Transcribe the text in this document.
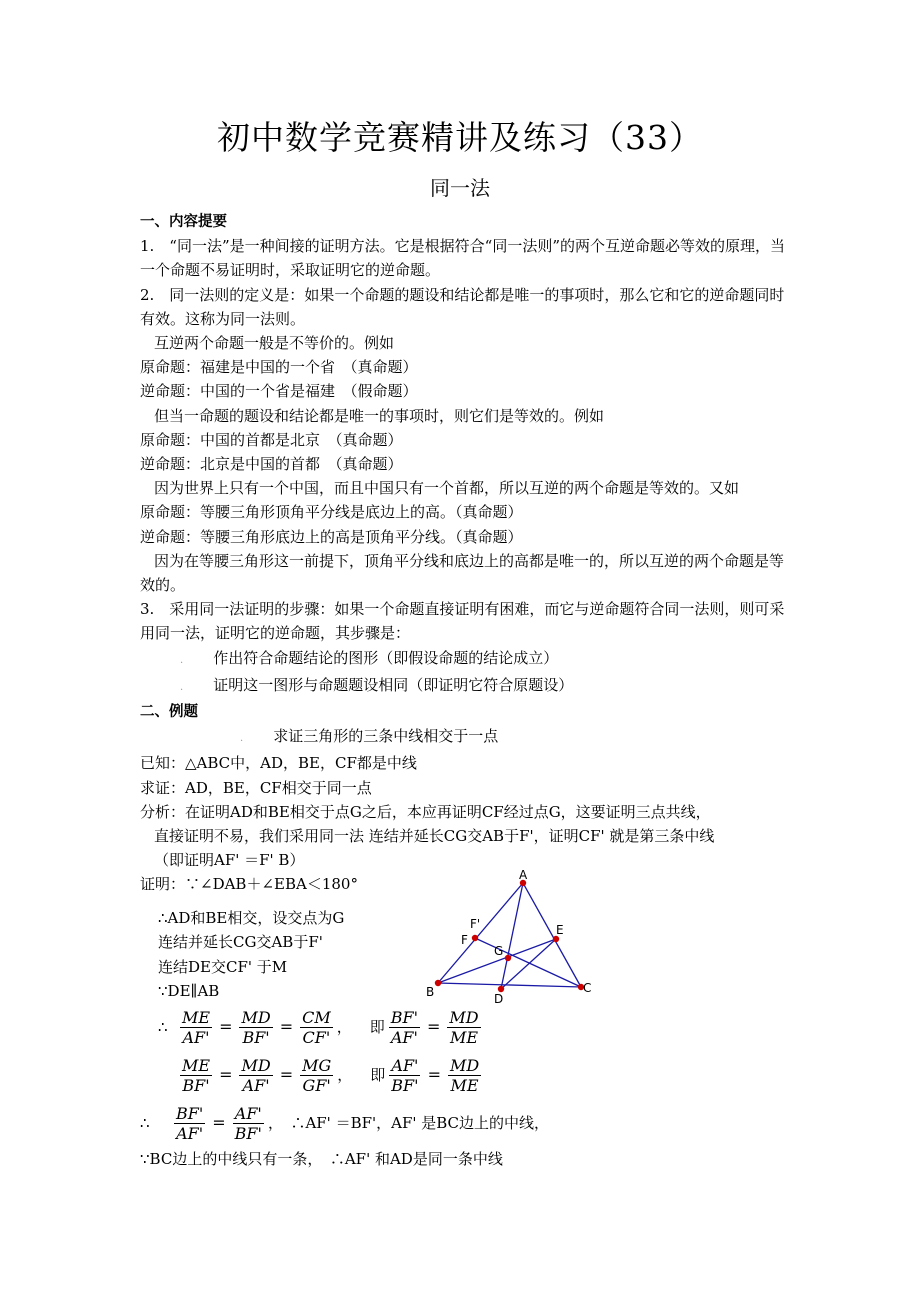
初中数学竞赛精讲及练习（33）
同一法

一、内容提要

1.　“同一法”是一种间接的证明方法。它是根据符合“同一法则”的两个互逆命题必等效的原理，当一个命题不易证明时，采取证明它的逆命题。

2.　同一法则的定义是：如果一个命题的题设和结论都是唯一的事项时，那么它和它的逆命题同时有效。这称为同一法则。

互逆两个命题一般是不等价的。例如

原命题：福建是中国的一个省　（真命题）

逆命题：中国的一个省是福建　（假命题）

但当一命题的题设和结论都是唯一的事项时，则它们是等效的。例如

原命题：中国的首都是北京　（真命题）

逆命题：北京是中国的首都　（真命题）

因为世界上只有一个中国，而且中国只有一个首都，所以互逆的两个命题是等效的。又如

原命题：等腰三角形顶角平分线是底边上的高。（真命题）

逆命题：等腰三角形底边上的高是顶角平分线。（真命题）

因为在等腰三角形这一前提下，顶角平分线和底边上的高都是唯一的，所以互逆的两个命题是等效的。

3.　采用同一法证明的步骤：如果一个命题直接证明有困难，而它与逆命题符合同一法则，则可采用同一法，证明它的逆命题，其步骤是：

. 作出符合命题结论的图形（即假设命题的结论成立）

. 证明这一图形与命题题设相同（即证明它符合原题设）

二、例题

. 求证三角形的三条中线相交于一点

已知：△ABC中，AD，BE，CF都是中线

求证：AD，BE，CF相交于同一点

分析：在证明AD和BE相交于点G之后，本应再证明CF经过点G，这要证明三点共线，

直接证明不易，我们采用同一法 连结并延长CG交AB于F'，证明CF' 就是第三条中线

（即证明AF' ＝F' B）

证明：∵∠DAB＋∠EBA＜180°

∴AD和BE相交，设交点为G

连结并延长CG交AB于F'

连结DE交CF' 于M

∵DE∥AB

∴ $\frac{ME}{AF'} = \frac{MD}{BF'} = \frac{CM}{CF'}$ ， 即 $\frac{BF'}{AF'} = \frac{MD}{ME}$
$\frac{ME}{BF'} = \frac{MD}{AF'} = \frac{MG}{GF'}$ ， 即 $\frac{AF'}{BF'} = \frac{MD}{ME}$
∴	$\frac{BF'}{AF'} = \frac{AF'}{BF'}$ ，　∴AF' ＝BF'，AF' 是BC边上的中线，

∵BC边上的中线只有一条，　∴AF' 和AD是同一条中线

A
B	C
D
E
F
F'
G
